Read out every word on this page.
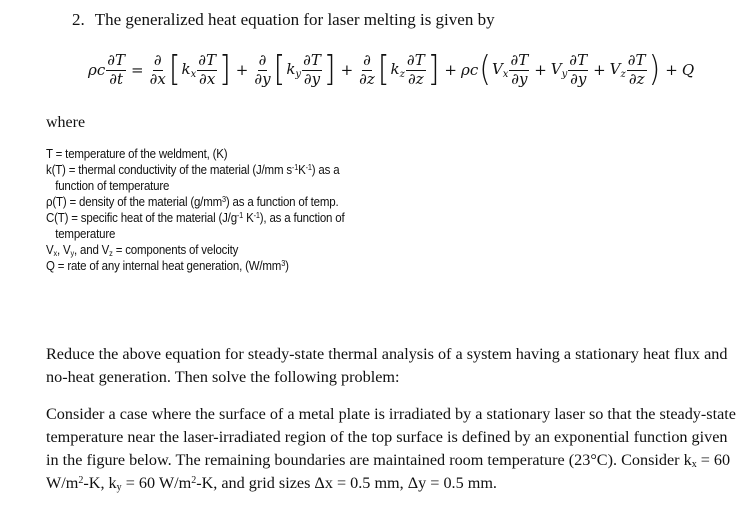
2. The generalized heat equation for laser melting is given by
ρc $\frac{\partial T}{\partial t} = \frac{\partial}{\partial x}$ [ $k_x \frac{\partial T}{\partial x}$ ] + $\frac{\partial}{\partial y}$ [ $k_y \frac{\partial T}{\partial y}$ ] + $\frac{\partial}{\partial z}$ [ $k_z \frac{\partial T}{\partial z}$ ] + ρc ( $V_x \frac{\partial T}{\partial y} + V_y \frac{\partial T}{\partial y} + V_z \frac{\partial T}{\partial z}$ ) + Q
where
T = temperature of the weldment, (K)
k(T) = thermal conductivity of the material (J/mm $s^{-1}K^{-1}$) as a
function of temperature
ρ(T) = density of the material $(g/mm^3)$ as a function of temp.
C(T) = specific heat of the material ($J/g^{-1}$ $K^{-1}$), as a function of
temperature
$V_x$, $V_y$, and $V_z$ = components of velocity
Q = rate of any internal heat generation, $(W/mm^3)$
Reduce the above equation for steady-state thermal analysis of a system having a stationary heat flux and no-heat generation. Then solve the following problem:
Consider a case where the surface of a metal plate is irradiated by a stationary laser so that the steady-state temperature near the laser-irradiated region of the top surface is defined by an exponential function given in the figure below. The remaining boundaries are maintained room temperature (23°C). Consider $k_x = 60$ $W/m^2-K$, $k_y = 60$ $W/m^2-K$, and grid sizes Δx = 0.5 mm, Δy = 0.5 mm.
